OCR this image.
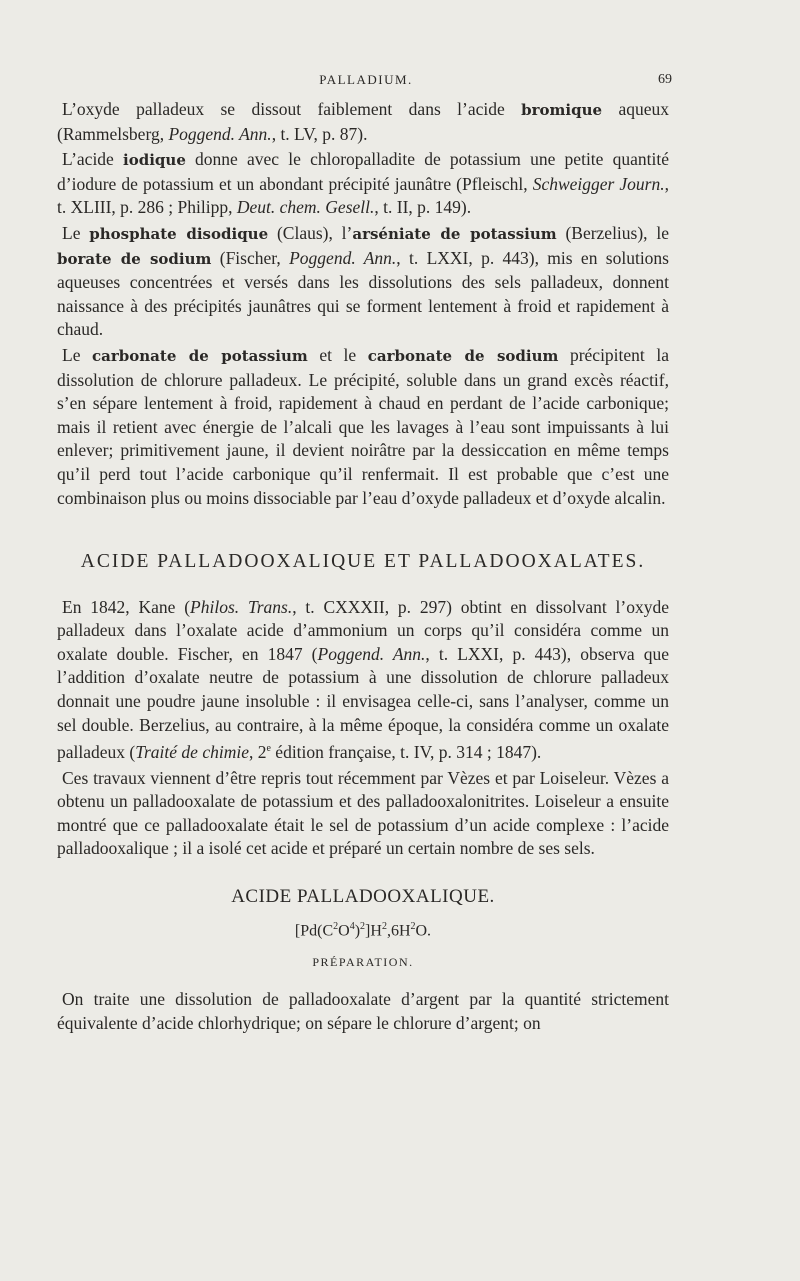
PALLADIUM.	69

L’oxyde palladeux se dissout faiblement dans l’acide bromique aqueux (Rammelsberg, Poggend. Ann., t. LV, p. 87).

L’acide iodique donne avec le chloropalladite de potassium une petite quantité d’iodure de potassium et un abondant précipité jaunâtre (Pfleischl, Schweigger Journ., t. XLIII, p. 286 ; Philipp, Deut. chem. Gesell., t. II, p. 149).

Le phosphate disodique (Claus), l’arséniate de potassium (Berzelius), le borate de sodium (Fischer, Poggend. Ann., t. LXXI, p. 443), mis en solutions aqueuses concentrées et versés dans les dissolutions des sels palladeux, donnent naissance à des précipités jaunâtres qui se forment lentement à froid et rapidement à chaud.

Le carbonate de potassium et le carbonate de sodium précipitent la dissolution de chlorure palladeux. Le précipité, soluble dans un grand excès réactif, s’en sépare lentement à froid, rapidement à chaud en perdant de l’acide carbonique; mais il retient avec énergie de l’alcali que les lavages à l’eau sont impuissants à lui enlever; primitivement jaune, il devient noirâtre par la dessiccation en même temps qu’il perd tout l’acide carbonique qu’il renfermait. Il est probable que c’est une combinaison plus ou moins dissociable par l’eau d’oxyde palladeux et d’oxyde alcalin.

ACIDE PALLADOOXALIQUE ET PALLADOOXALATES.

En 1842, Kane (Philos. Trans., t. CXXXII, p. 297) obtint en dissolvant l’oxyde palladeux dans l’oxalate acide d’ammonium un corps qu’il considéra comme un oxalate double. Fischer, en 1847 (Poggend. Ann., t. LXXI, p. 443), observa que l’addition d’oxalate neutre de potassium à une dissolution de chlorure palladeux donnait une poudre jaune insoluble : il envisagea celle-ci, sans l’analyser, comme un sel double. Berzelius, au contraire, à la même époque, la considéra comme un oxalate palladeux (Traité de chimie, 2e édition française, t. IV, p. 314 ; 1847).

Ces travaux viennent d’être repris tout récemment par Vèzes et par Loiseleur. Vèzes a obtenu un palladooxalate de potassium et des palladooxalonitrites. Loiseleur a ensuite montré que ce palladooxalate était le sel de potassium d’un acide complexe : l’acide palladooxalique ; il a isolé cet acide et préparé un certain nombre de ses sels.

ACIDE PALLADOOXALIQUE.
$[Pd(C^2O^4)^2]H^2,6H^2O$.
PRÉPARATION.

On traite une dissolution de palladooxalate d’argent par la quantité strictement équivalente d’acide chlorhydrique; on sépare le chlorure d’argent; on
